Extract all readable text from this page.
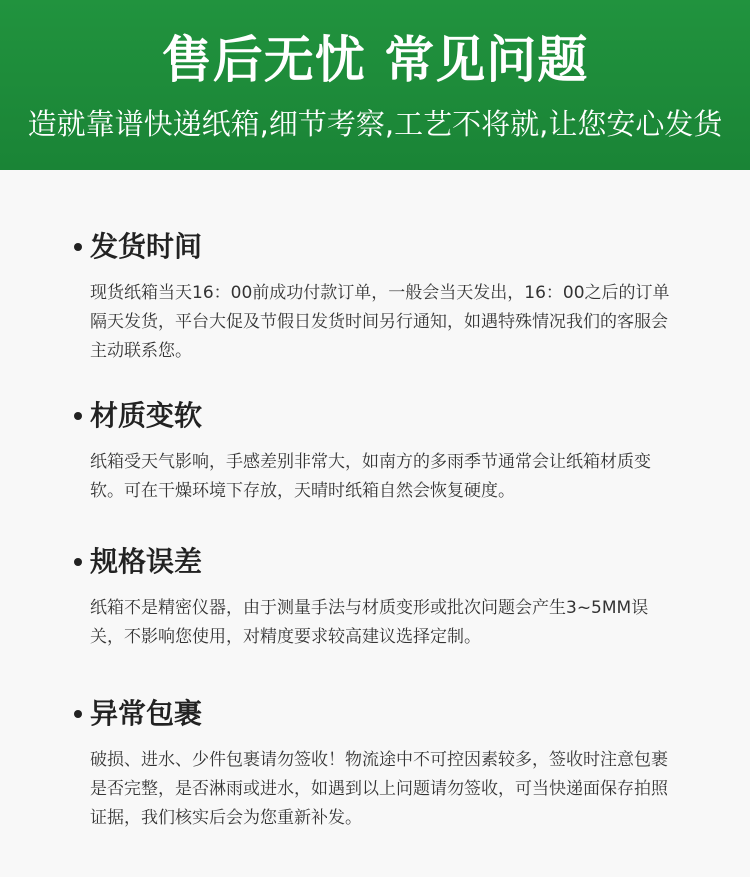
售后无忧 常见问题
造就靠谱快递纸箱,细节考察,工艺不将就,让您安心发货
发货时间
现货纸箱当天16：00前成功付款订单，一般会当天发出，16：00之后的订单隔天发货，平台大促及节假日发货时间另行通知，如遇特殊情况我们的客服会主动联系您。
材质变软
纸箱受天气影响，手感差别非常大，如南方的多雨季节通常会让纸箱材质变软。可在干燥环境下存放，天晴时纸箱自然会恢复硬度。
规格误差
纸箱不是精密仪器，由于测量手法与材质变形或批次问题会产生3~5MM误关，不影响您使用，对精度要求较高建议选择定制。
异常包裹
破损、进水、少件包裹请勿签收！物流途中不可控因素较多，签收时注意包裹是否完整，是否淋雨或进水，如遇到以上问题请勿签收，可当快递面保存拍照证据，我们核实后会为您重新补发。
